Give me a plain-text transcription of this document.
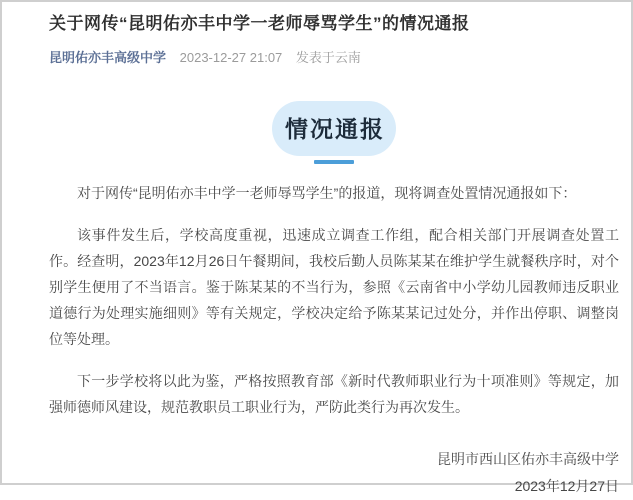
关于网传“昆明佑亦丰中学一老师辱骂学生”的情况通报
昆明佑亦丰高级中学 2023-12-27 21:07 发表于云南
情况通报

对于网传“昆明佑亦丰中学一老师辱骂学生”的报道，现将调查处置情况通报如下：

该事件发生后，学校高度重视，迅速成立调查工作组，配合相关部门开展调查处置工作。经查明，2023年12月26日午餐期间，我校后勤人员陈某某在维护学生就餐秩序时，对个别学生便用了不当语言。鉴于陈某某的不当行为，参照《云南省中小学幼儿园教师违反职业道德行为处理实施细则》等有关规定，学校决定给予陈某某记过处分，并作出停职、调整岗位等处理。

下一步学校将以此为鉴，严格按照教育部《新时代教师职业行为十项准则》等规定，加强师德师风建设，规范教职员工职业行为，严防此类行为再次发生。

昆明市西山区佑亦丰高级中学
2023年12月27日
